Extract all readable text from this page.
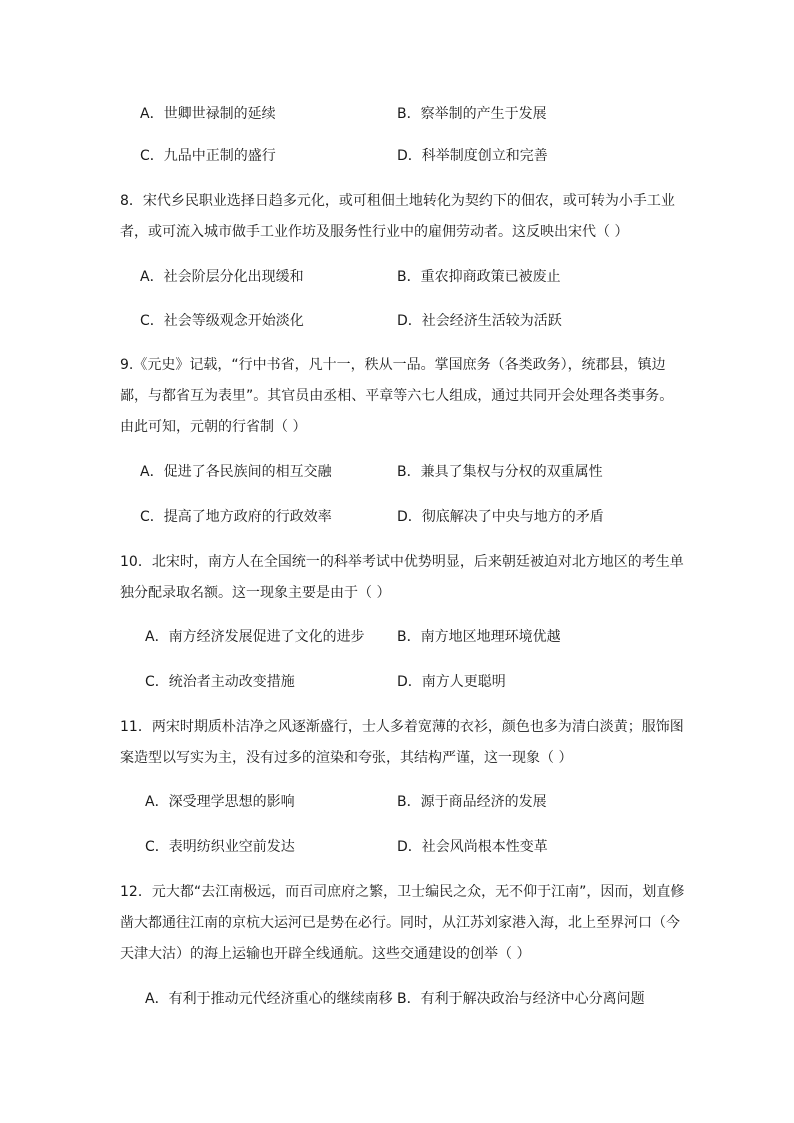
A．世卿世禄制的延续	B．察举制的产生于发展
C．九品中正制的盛行	D．科举制度创立和完善
8．宋代乡民职业选择日趋多元化，或可租佃土地转化为契约下的佃农，或可转为小手工业
者，或可流入城市做手工业作坊及服务性行业中的雇佣劳动者。这反映出宋代（ ）
A．社会阶层分化出现缓和	B．重农抑商政策已被废止
C．社会等级观念开始淡化	D．社会经济生活较为活跃
9.《元史》记载，“行中书省，凡十一，秩从一品。掌国庶务（各类政务），统郡县，镇边
鄙，与都省互为表里”。其官员由丞相、平章等六七人组成，通过共同开会处理各类事务。
由此可知，元朝的行省制（ ）
A．促进了各民族间的相互交融	B．兼具了集权与分权的双重属性
C．提高了地方政府的行政效率	D．彻底解决了中央与地方的矛盾
10．北宋时，南方人在全国统一的科举考试中优势明显，后来朝廷被迫对北方地区的考生单
独分配录取名额。这一现象主要是由于（ ）
A．南方经济发展促进了文化的进步 B．南方地区地理环境优越
C．统治者主动改变措施	D．南方人更聪明
11．两宋时期质朴洁净之风逐渐盛行，士人多着宽薄的衣衫，颜色也多为清白淡黄；服饰图
案造型以写实为主，没有过多的渲染和夸张，其结构严谨，这一现象（ ）
A．深受理学思想的影响	B．源于商品经济的发展
C．表明纺织业空前发达	D．社会风尚根本性变革
12．元大都“去江南极远，而百司庶府之繁，卫士编民之众，无不仰于江南”，因而，划直修
凿大都通往江南的京杭大运河已是势在必行。同时，从江苏刘家港入海，北上至界河口（今
天津大沽）的海上运输也开辟全线通航。这些交通建设的创举（ ）
A．有利于推动元代经济重心的继续南移 B．有利于解决政治与经济中心分离问题
